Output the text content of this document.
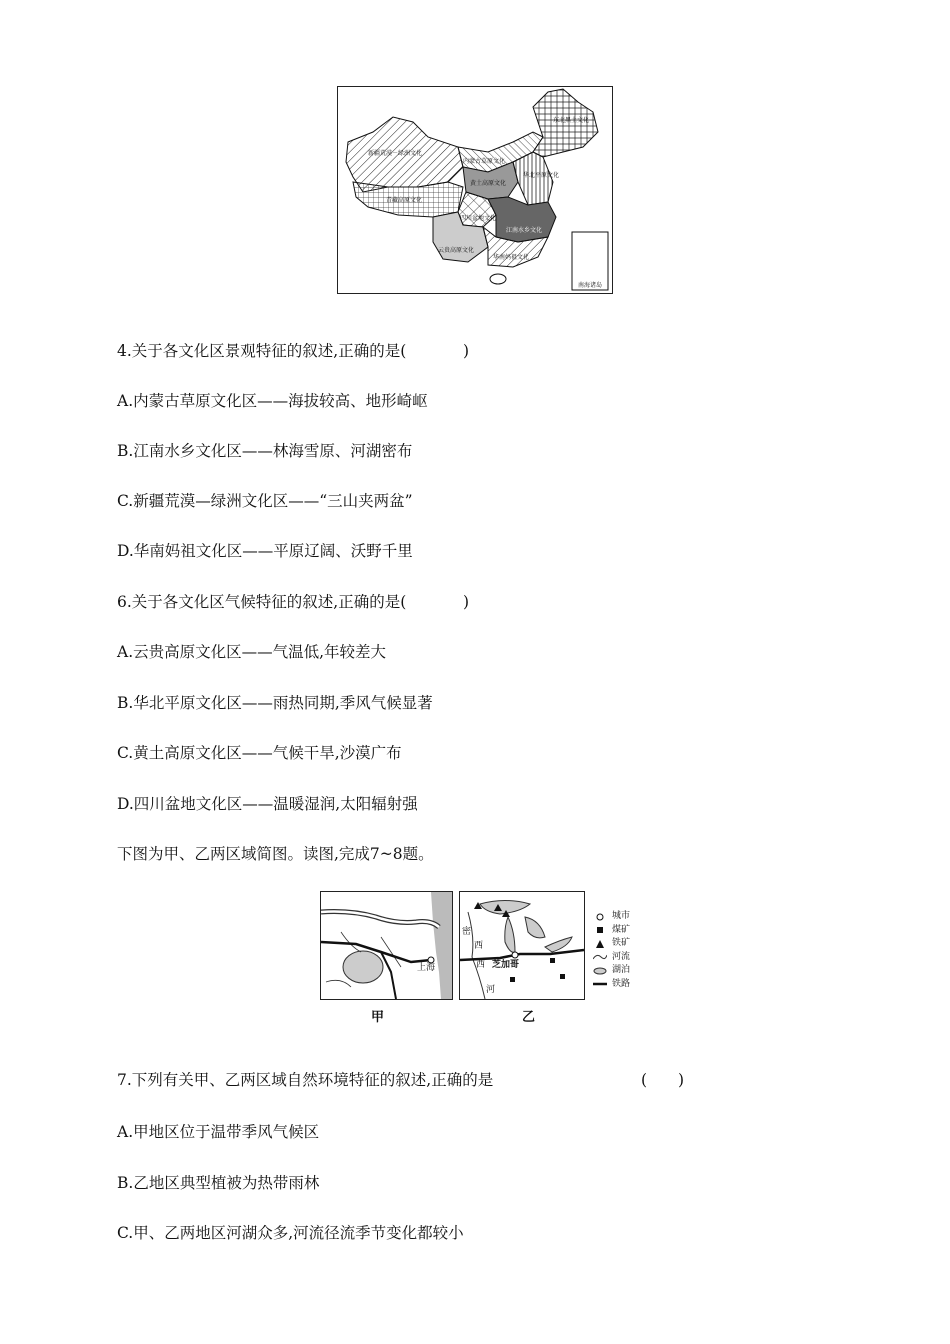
南海诸岛
新疆荒漠－绿洲文化
内蒙古草原文化
东北黑土文化
华北平原文化
黄土高原文化
青藏高原文化
四川盆地文化
江南水乡文化
云贵高原文化
华南妈祖文化
4.关于各文化区景观特征的叙述,正确的是(	)
A.内蒙古草原文化区——海拔较高、地形崎岖
B.江南水乡文化区——林海雪原、河湖密布
C.新疆荒漠—绿洲文化区——“三山夹两盆”
D.华南妈祖文化区——平原辽阔、沃野千里
6.关于各文化区气候特征的叙述,正确的是(	)
A.云贵高原文化区——气温低,年较差大
B.华北平原文化区——雨热同期,季风气候显著
C.黄土高原文化区——气候干旱,沙漠广布
D.四川盆地文化区——温暖湿润,太阳辐射强
下图为甲、乙两区域简图。读图,完成7~8题。
上海	芝加哥
密
西
西
河
城市
煤矿
铁矿
河流
湖泊
铁路
甲	乙
7.下列有关甲、乙两区域自然环境特征的叙述,正确的是	(　　)
A.甲地区位于温带季风气候区
B.乙地区典型植被为热带雨林
C.甲、乙两地区河湖众多,河流径流季节变化都较小
